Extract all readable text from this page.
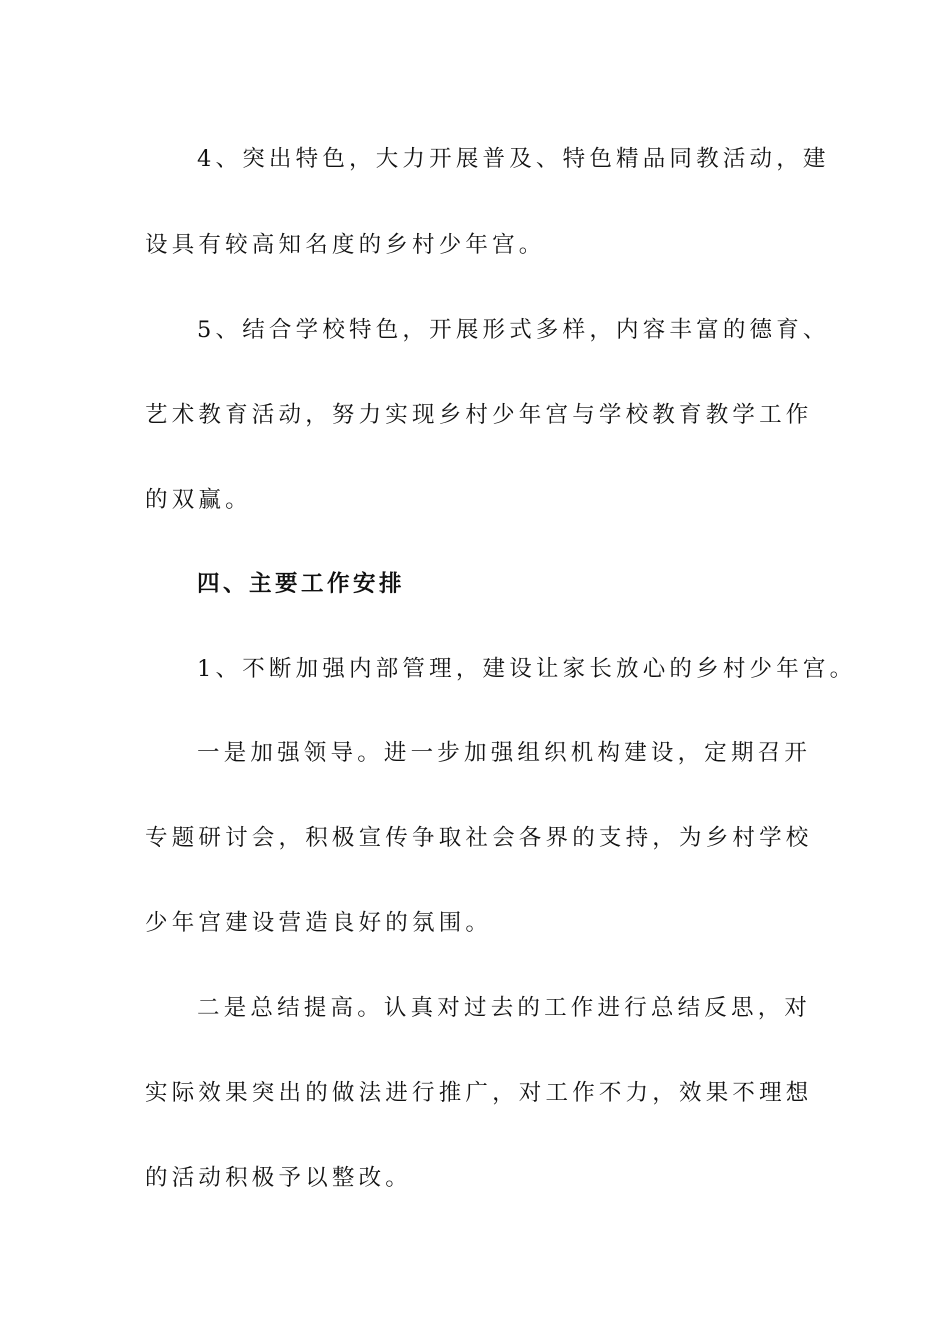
4、突出特色，大力开展普及、特色精品同教活动，建

设具有较高知名度的乡村少年宫。

5、结合学校特色，开展形式多样，内容丰富的德育、

艺术教育活动，努力实现乡村少年宫与学校教育教学工作

的双赢。

四、主要工作安排

1、不断加强内部管理，建设让家长放心的乡村少年宫。

一是加强领导。进一步加强组织机构建设，定期召开

专题研讨会，积极宣传争取社会各界的支持，为乡村学校

少年宫建设营造良好的氛围。

二是总结提高。认真对过去的工作进行总结反思，对

实际效果突出的做法进行推广，对工作不力，效果不理想

的活动积极予以整改。
